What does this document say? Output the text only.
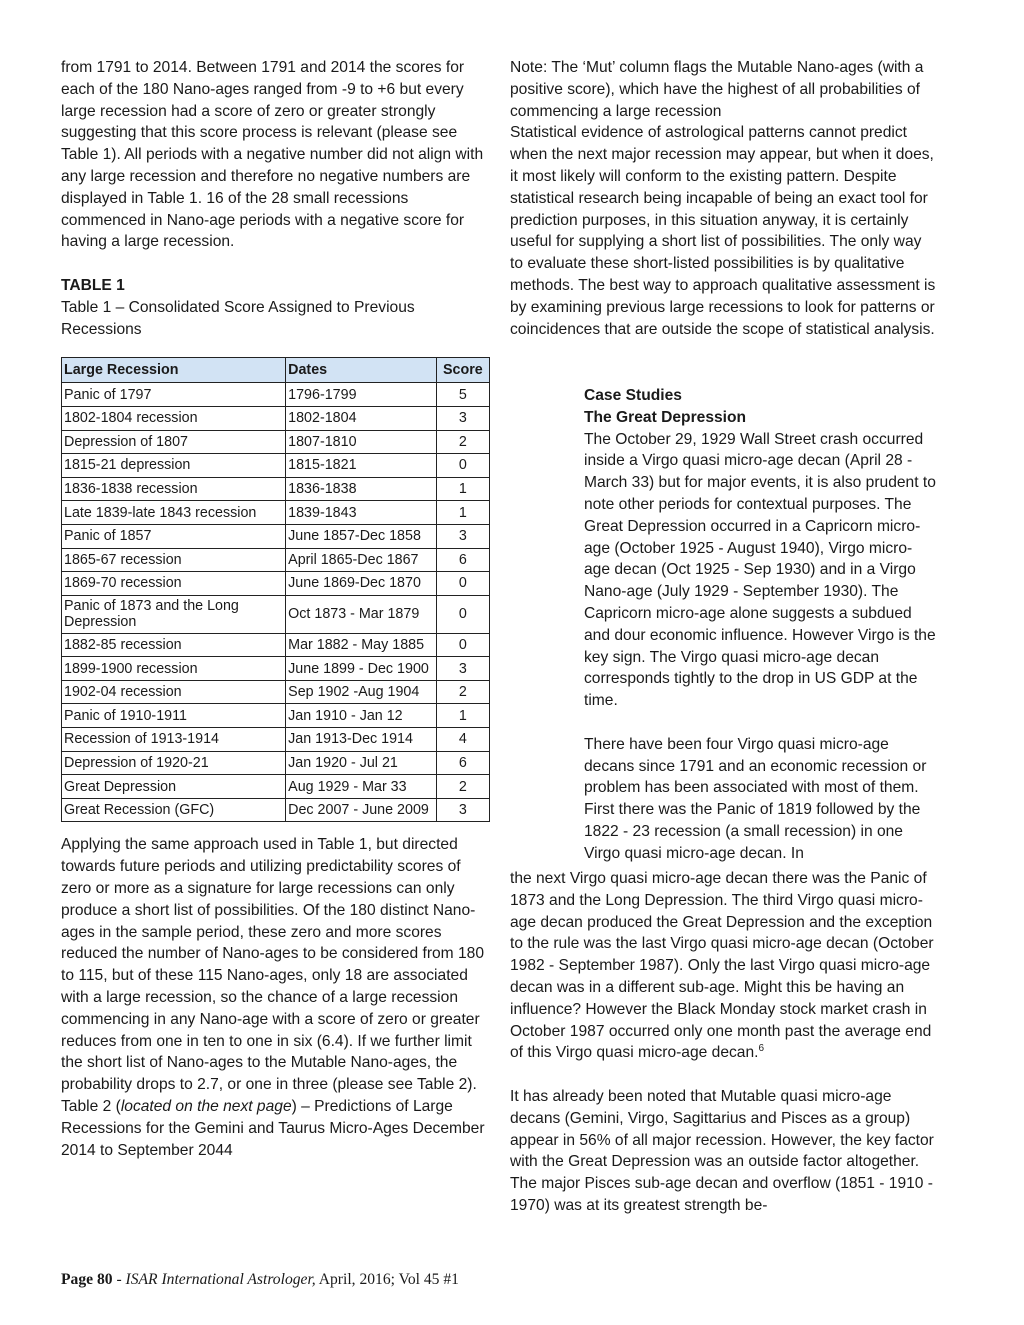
from 1791 to 2014. Between 1791 and 2014 the scores for each of the 180 Nano-ages ranged from -9 to +6 but every large recession had a score of zero or greater strongly suggesting that this score process is relevant (please see Table 1). All periods with a negative number did not align with any large recession and therefore no negative numbers are displayed in Table 1. 16 of the 28 small recessions commenced in Nano-age periods with a negative score for having a large recession.

TABLE 1

Table 1 – Consolidated Score Assigned to Previous Recessions

Large Recession	Dates	Score
Panic of 1797	1796-1799	5
1802-1804 recession	1802-1804	3
Depression of 1807	1807-1810	2
1815-21 depression	1815-1821	0
1836-1838 recession	1836-1838	1
Late 1839-late 1843 recession	1839-1843	1
Panic of 1857	June 1857-Dec 1858	3
1865-67 recession	April 1865-Dec 1867	6
1869-70 recession	June 1869-Dec 1870	0
Panic of 1873 and the Long Depression	Oct 1873 - Mar 1879	0
1882-85 recession	Mar 1882 - May 1885	0
1899-1900 recession	June 1899 - Dec 1900	3
1902-04 recession	Sep 1902 -Aug 1904	2
Panic of 1910-1911	Jan 1910 - Jan 12	1
Recession of 1913-1914	Jan 1913-Dec 1914	4
Depression of 1920-21	Jan 1920 - Jul 21	6
Great Depression	Aug 1929 - Mar 33	2
Great Recession (GFC)	Dec 2007 - June 2009	3

Applying the same approach used in Table 1, but directed towards future periods and utilizing predictability scores of zero or more as a signature for large recessions can only produce a short list of possibilities. Of the 180 distinct Nano-ages in the sample period, these zero and more scores reduced the number of Nano-ages to be considered from 180 to 115, but of these 115 Nano-ages, only 18 are associated with a large recession, so the chance of a large recession commencing in any Nano-age with a score of zero or greater reduces from one in ten to one in six (6.4). If we further limit the short list of Nano-ages to the Mutable Nano-ages, the probability drops to 2.7, or one in three (please see Table 2).

Table 2 (located on the next page) – Predictions of Large Recessions for the Gemini and Taurus Micro-Ages December 2014 to September 2044

Note: The ‘Mut’ column flags the Mutable Nano-ages (with a positive score), which have the highest of all probabilities of commencing a large recession

Statistical evidence of astrological patterns cannot predict when the next major recession may appear, but when it does, it most likely will conform to the existing pattern. Despite statistical research being incapable of being an exact tool for prediction purposes, in this situation anyway, it is certainly useful for supplying a short list of possibilities. The only way to evaluate these short-listed possibilities is by qualitative methods. The best way to approach qualitative assessment is by examining previous large recessions to look for patterns or coincidences that are outside the scope of statistical analysis.

Case Studies

The Great Depression

The October 29, 1929 Wall Street crash occurred inside a Virgo quasi micro-age decan (April 28 - March 33) but for major events, it is also prudent to note other periods for contextual purposes. The Great Depression occurred in a Capricorn micro-age (October 1925 - August 1940), Virgo micro-age decan (Oct 1925 - Sep 1930) and in a Virgo Nano-age (July 1929 - September 1930). The Capricorn micro-age alone suggests a subdued and dour economic influence. However Virgo is the key sign. The Virgo quasi micro-age decan corresponds tightly to the drop in US GDP at the time.

There have been four Virgo quasi micro-age decans since 1791 and an economic recession or problem has been associated with most of them. First there was the Panic of 1819 followed by the 1822 - 23 recession (a small recession) in one Virgo quasi micro-age decan. In

the next Virgo quasi micro-age decan there was the Panic of 1873 and the Long Depression. The third Virgo quasi micro-age decan produced the Great Depression and the exception to the rule was the last Virgo quasi micro-age decan (October 1982 - September 1987). Only the last Virgo quasi micro-age decan was in a different sub-age. Might this be having an influence? However the Black Monday stock market crash in October 1987 occurred only one month past the average end of this Virgo quasi micro-age decan.$^6$

It has already been noted that Mutable quasi micro-age decans (Gemini, Virgo, Sagittarius and Pisces as a group) appear in 56% of all major recession. However, the key factor with the Great Depression was an outside factor altogether. The major Pisces sub-age decan and overflow (1851 - 1910 - 1970) was at its greatest strength be-

Page 80 - ISAR International Astrologer, April, 2016; Vol 45 #1
